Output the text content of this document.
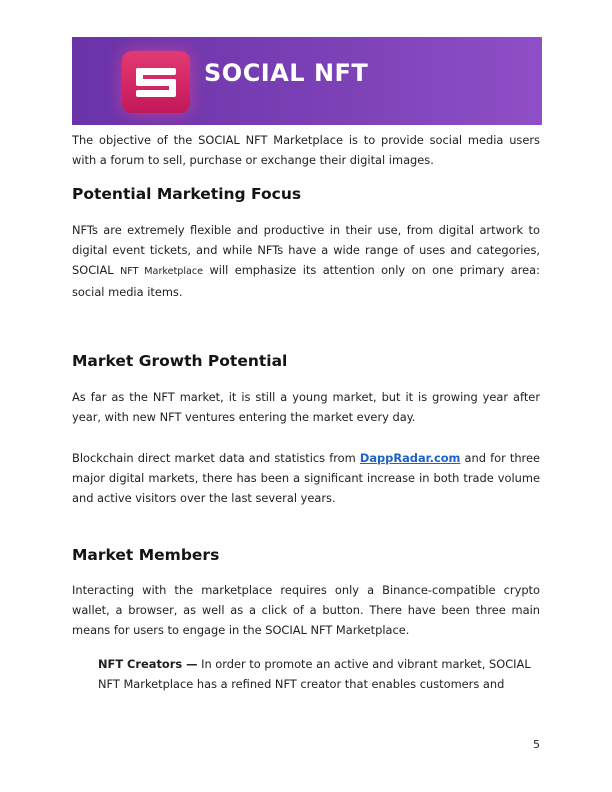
SOCIAL NFT

The objective of the SOCIAL NFT Marketplace is to provide social media users with a forum to sell, purchase or exchange their digital images.

Potential Marketing Focus

NFTs are extremely flexible and productive in their use, from digital artwork to digital event tickets, and while NFTs have a wide range of uses and categories, SOCIAL NFT Marketplace will emphasize its attention only on one primary area: social media items.

Market Growth Potential

As far as the NFT market, it is still a young market, but it is growing year after year, with new NFT ventures entering the market every day.

Blockchain direct market data and statistics from DappRadar.com and for three major digital markets, there has been a significant increase in both trade volume and active visitors over the last several years.

Market Members

Interacting with the marketplace requires only a Binance-compatible crypto wallet, a browser, as well as a click of a button. There have been three main means for users to engage in the SOCIAL NFT Marketplace.

NFT Creators — In order to promote an active and vibrant market, SOCIAL NFT Marketplace has a refined NFT creator that enables customers and
5
